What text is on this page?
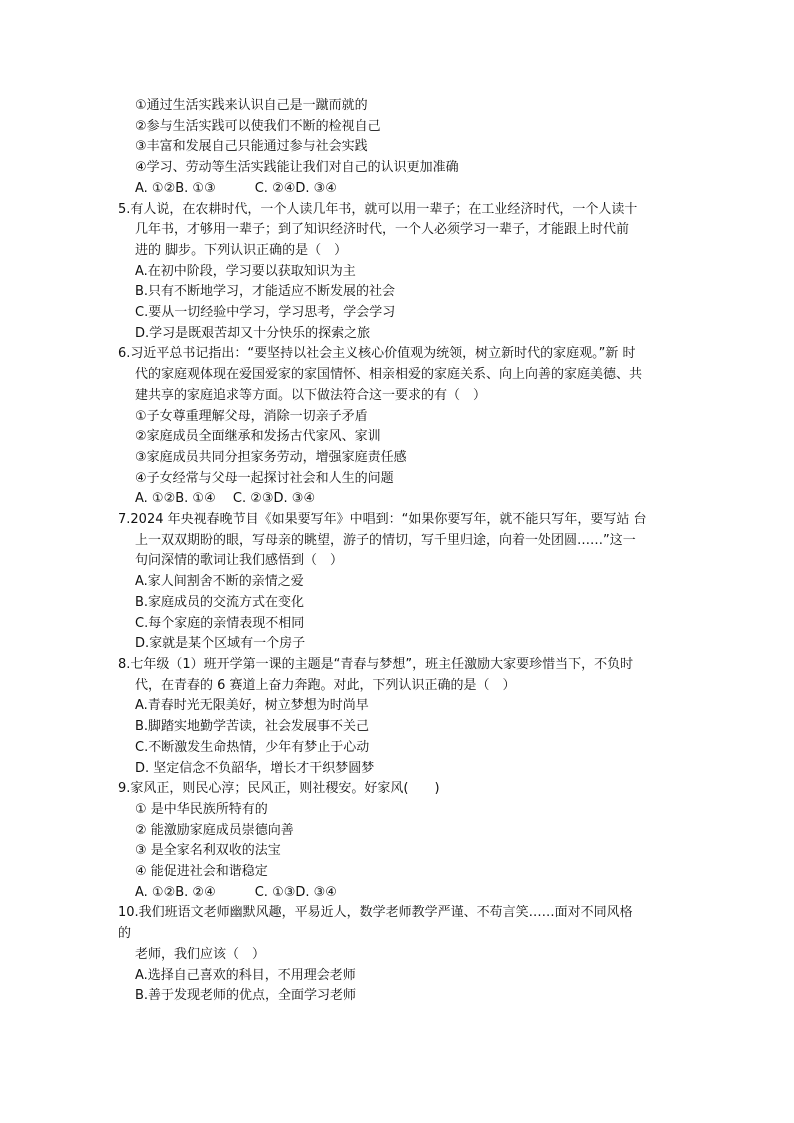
①通过生活实践来认识自己是一蹴而就的
②参与生活实践可以使我们不断的检视自己
③丰富和发展自己只能通过参与社会实践
④学习、劳动等生活实践能让我们对自己的认识更加准确
A. ①②B. ①③　　　C. ②④D. ③④
5.有人说，在农耕时代，一个人读几年书，就可以用一辈子；在工业经济时代，一个人读十
几年书，才够用一辈子；到了知识经济时代，一个人必须学习一辈子，才能跟上时代前
进的 脚步。下列认识正确的是（　）
A.在初中阶段，学习要以获取知识为主
B.只有不断地学习，才能适应不断发展的社会
C.要从一切经验中学习，学习思考，学会学习
D.学习是既艰苦却又十分快乐的探索之旅
6.习近平总书记指出：“要坚持以社会主义核心价值观为统领，树立新时代的家庭观。”新 时
代的家庭观体现在爱国爱家的家国情怀、相亲相爱的家庭关系、向上向善的家庭美德、共
建共享的家庭追求等方面。以下做法符合这一要求的有（　）
①子女尊重理解父母，消除一切亲子矛盾
②家庭成员全面继承和发扬古代家风、家训
③家庭成员共同分担家务劳动，增强家庭责任感
④子女经常与父母一起探讨社会和人生的问题
A. ①②B. ①④　 C. ②③D. ③④
7.2024 年央视春晚节目《如果要写年》中唱到：“如果你要写年，就不能只写年，要写站 台
上一双双期盼的眼，写母亲的眺望，游子的情切，写千里归途，向着一处团圆……”这一
句问深情的歌词让我们感悟到（　）
A.家人间割舍不断的亲情之爱
B.家庭成员的交流方式在变化
C.每个家庭的亲情表现不相同
D.家就是某个区域有一个房子
8.七年级（1）班开学第一课的主题是“青春与梦想”，班主任激励大家要珍惜当下，不负时
代，在青春的 6 赛道上奋力奔跑。对此，下列认识正确的是（　）
A.青春时光无限美好，树立梦想为时尚早
B.脚踏实地勤学苦读，社会发展事不关己
C.不断激发生命热情，少年有梦止于心动
D. 坚定信念不负韶华，增长才干织梦圆梦
9.家风正，则民心淳；民风正，则社稷安。好家风(　　)
① 是中华民族所特有的
② 能激励家庭成员崇德向善
③ 是全家名利双收的法宝
④ 能促进社会和谐稳定
A. ①②B. ②④　　　C. ①③D. ③④
10.我们班语文老师幽默风趣，平易近人，数学老师教学严谨、不苟言笑……面对不同风格
的
老师，我们应该（　）
A.选择自己喜欢的科目，不用理会老师
B.善于发现老师的优点，全面学习老师
